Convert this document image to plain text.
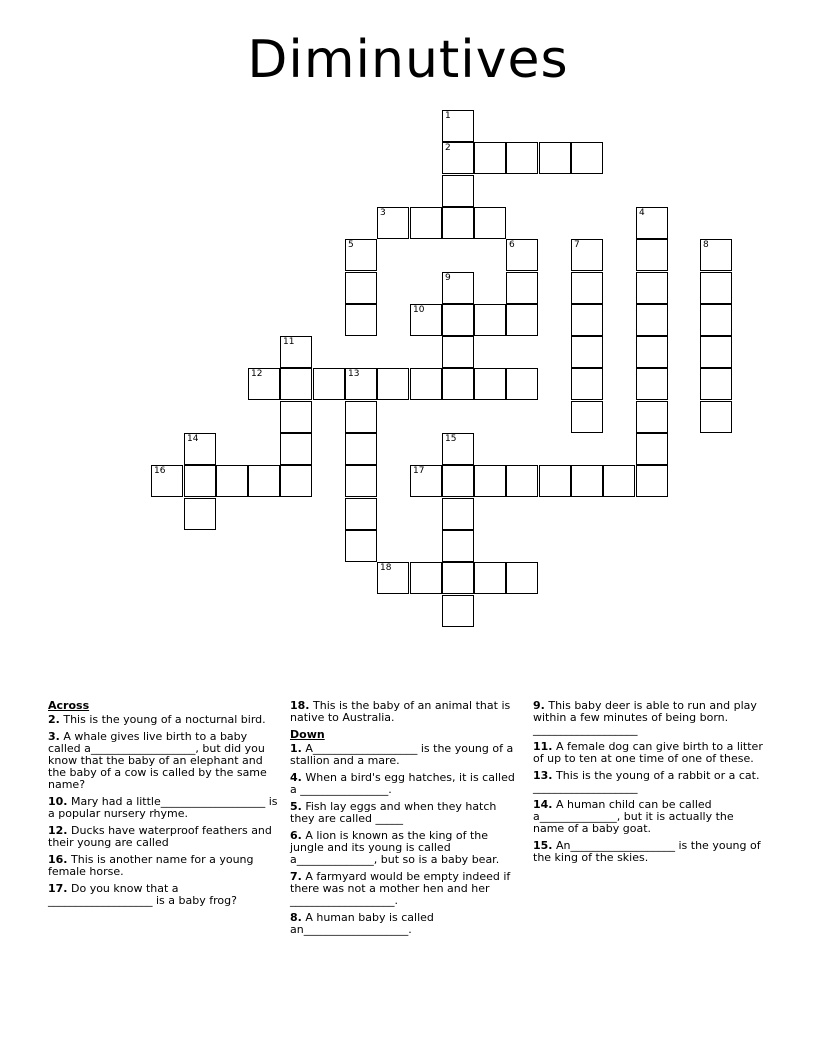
Diminutives
1
2
3	4
5	6	7	8
9
10
11
12	13
14	15
16	17
18
Across

2. This is the young of a nocturnal bird.

3. A whale gives live birth to a baby called a___________________, but did you know that the baby of an elephant and the baby of a cow is called by the same name?

10. Mary had a little___________________ is a popular nursery rhyme.

12. Ducks have waterproof feathers and their young are called

16. This is another name for a young female horse.

17. Do you know that a ___________________ is a baby frog?

18. This is the baby of an animal that is native to Australia.

Down

1. A___________________ is the young of a stallion and a mare.

4. When a bird's egg hatches, it is called a ________________.

5. Fish lay eggs and when they hatch they are called _____

6. A lion is known as the king of the jungle and its young is called a______________, but so is a baby bear.

7. A farmyard would be empty indeed if there was not a mother hen and her ___________________.

8. A human baby is called an___________________.

9. This baby deer is able to run and play within a few minutes of being born. ___________________

11. A female dog can give birth to a litter of up to ten at one time of one of these.

13. This is the young of a rabbit or a cat. ___________________

14. A human child can be called a______________, but it is actually the name of a baby goat.

15. An___________________ is the young of the king of the skies.
